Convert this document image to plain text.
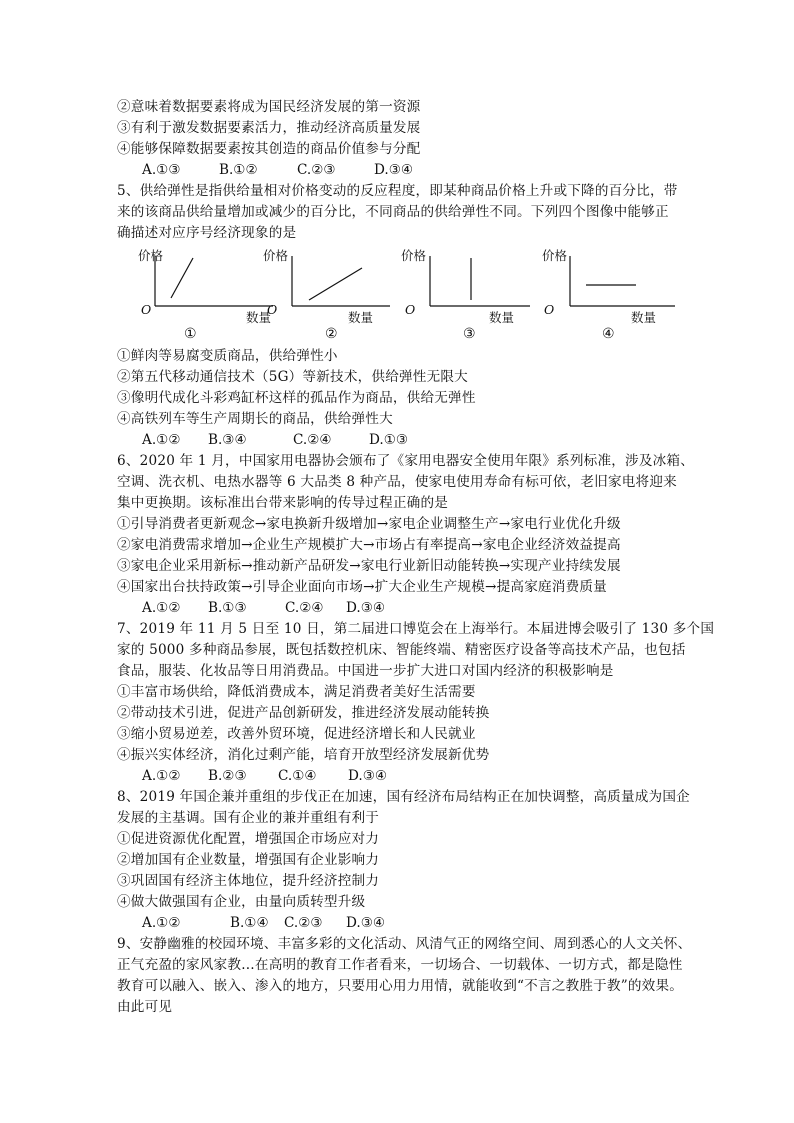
②意味着数据要素将成为国民经济发展的第一资源
③有利于激发数据要素活力，推动经济高质量发展
④能够保障数据要素按其创造的商品价值参与分配
A.①③	B.①②	C.②③	D.③④
5、供给弹性是指供给量相对价格变动的反应程度，即某种商品价格上升或下降的百分比，带
来的该商品供给量增加或减少的百分比，不同商品的供给弹性不同。下列四个图像中能够正
确描述对应序号经济现象的是
价格
O
数量
①
价格
O
数量
②
价格
O
数量
③
价格
O
数量
④
①鲜肉等易腐变质商品，供给弹性小
②第五代移动通信技术（5G）等新技术，供给弹性无限大
③像明代成化斗彩鸡缸杯这样的孤品作为商品，供给无弹性
④高铁列车等生产周期长的商品，供给弹性大
A.①② B.③④	C.②④	D.①③
6、2020 年 1 月，中国家用电器协会颁布了《家用电器安全使用年限》系列标准，涉及冰箱、
空调、洗衣机、电热水器等 6 大品类 8 种产品，使家电使用寿命有标可依，老旧家电将迎来
集中更换期。该标准出台带来影响的传导过程正确的是
①引导消费者更新观念→家电换新升级增加→家电企业调整生产→家电行业优化升级
②家电消费需求增加→企业生产规模扩大→市场占有率提高→家电企业经济效益提高
③家电企业采用新标→推动新产品研发→家电行业新旧动能转换→实现产业持续发展
④国家出台扶持政策→引导企业面向市场→扩大企业生产规模→提高家庭消费质量
A.①② B.①③	C.②④ D.③④
7、2019 年 11 月 5 日至 10 日，第二届进口博览会在上海举行。本届进博会吸引了 130 多个国
家的 5000 多种商品参展，既包括数控机床、智能终端、精密医疗设备等高技术产品，也包括
食品，服装、化妆品等日用消费品。中国进一步扩大进口对国内经济的积极影响是
①丰富市场供给，降低消费成本，满足消费者美好生活需要
②带动技术引进，促进产品创新研发，推进经济发展动能转换
③缩小贸易逆差，改善外贸环境，促进经济增长和人民就业
④振兴实体经济，消化过剩产能，培育开放型经济发展新优势
A.①② B.②③ C.①④ D.③④
8、2019 年国企兼并重组的步伐正在加速，国有经济布局结构正在加快调整，高质量成为国企
发展的主基调。国有企业的兼并重组有利于
①促进资源优化配置，增强国企市场应对力
②增加国有企业数量，增强国有企业影响力
③巩固国有经济主体地位，提升经济控制力
④做大做强国有企业，由量向质转型升级
A.①②	B.①④ C.②③ D.③④
9、安静幽雅的校园环境、丰富多彩的文化活动、风清气正的网络空间、周到悉心的人文关怀、
正气充盈的家风家教…在高明的教育工作者看来，一切场合、一切载体、一切方式，都是隐性
教育可以融入、嵌入、渗入的地方，只要用心用力用情，就能收到“不言之教胜于教”的效果。
由此可见
